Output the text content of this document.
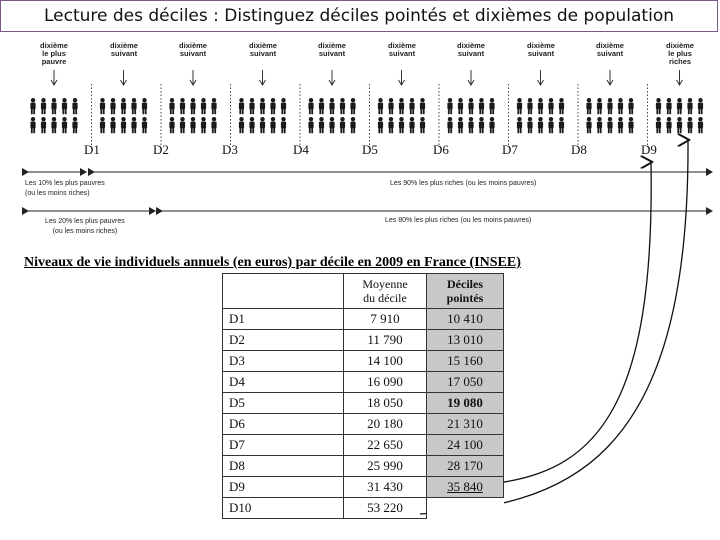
Lecture des déciles : Distinguez déciles pointés et dixièmes de population
dixième
le plus
pauvre
dixième
suivant
dixième
suivant
dixième
suivant
dixième
suivant
dixième
suivant
dixième
suivant
dixième
suivant
dixième
suivant
dixième
le plus
riches
D1	D2	D3	D4	D5	D6	D7	D8	D9
Les 10% les plus pauvres
(ou les moins riches)
Les 90% les plus riches (ou les moins pauvres)
Les 20% les plus pauvres
(ou les moins riches)
Les 80% les plus riches (ou les moins pauvres)
Niveaux de vie individuels annuels (en euros) par décile en 2009 en France (INSEE)
	Moyenne
du décile	Déciles
pointés
D1	7 910	10 410
D2	11 790	13 010
D3	14 100	15 160
D4	16 090	17 050
D5	18 050	19 080
D6	20 180	21 310
D7	22 650	24 100
D8	25 990	28 170
D9	31 430	35 840
D10	53 220	
